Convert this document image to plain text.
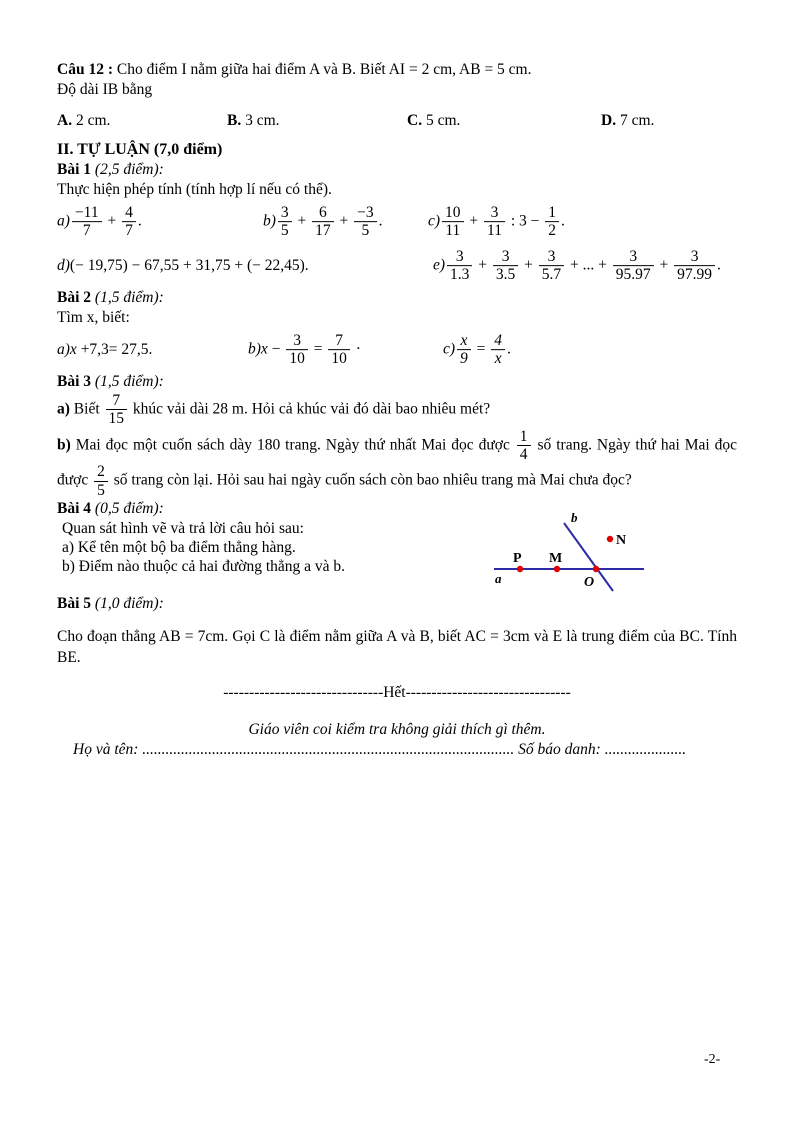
Câu 12 : Cho điểm I nằm giữa hai điểm A và B. Biết AI = 2 cm, AB = 5 cm.

Độ dài IB bằng

A. 2 cm.	B. 3 cm.	C. 5 cm.	D. 7 cm.

II. TỰ LUẬN (7,0 điểm)

Bài 1 (2,5 điểm):

Thực hiện phép tính (tính hợp lí nếu có thể).

$a) \frac{-11}{7} + \frac{4}{7}$ .	$b) \frac{3}{5} + \frac{6}{17} + \frac{-3}{5}$ .	$c) \frac{10}{11} + \frac{3}{11}$ : $3 - \frac{1}{2}$ .
d)(− 19,75) − 67,55 + 31,75 + (− 22,45).	$e) \frac{3}{1.3} + \frac{3}{3.5} + \frac{3}{5.7}$ + ... + $\frac{3}{95.97} + \frac{3}{97.99}$ .

Bài 2 (1,5 điểm):

Tìm x, biết:

a)x +7,3= 27,5.	$b)x - \frac{3}{10} = \frac{7}{10}$ ·	$c) \frac{x}{9} = \frac{4}{x}$ .

Bài 3 (1,5 điểm):

a) Biết $\frac{7}{15}$ khúc vải dài 28 m. Hỏi cả khúc vải đó dài bao nhiêu mét?
b) Mai đọc một cuốn sách dày 180 trang. Ngày thứ nhất Mai đọc được $\frac{1}{4}$ số trang. Ngày thứ hai Mai đọc được $\frac{2}{5}$ số trang còn lại. Hỏi sau hai ngày cuốn sách còn bao nhiêu trang mà Mai chưa đọc?

Bài 4 (0,5 điểm):

Quan sát hình vẽ và trả lời câu hỏi sau:

a) Kể tên một bộ ba điểm thẳng hàng.

b) Điểm nào thuộc cả hai đường thẳng a và b.

a
b
P M
O
N

Bài 5 (1,0 điểm):

Cho đoạn thẳng AB = 7cm. Gọi C là điểm nằm giữa A và B, biết AC = 3cm và E là trung điểm của BC. Tính BE.

-------------------------------Hết--------------------------------

Giáo viên coi kiểm tra không giải thích gì thêm.

Họ và tên: ................................................................................................ Số báo danh: .....................

-2-
